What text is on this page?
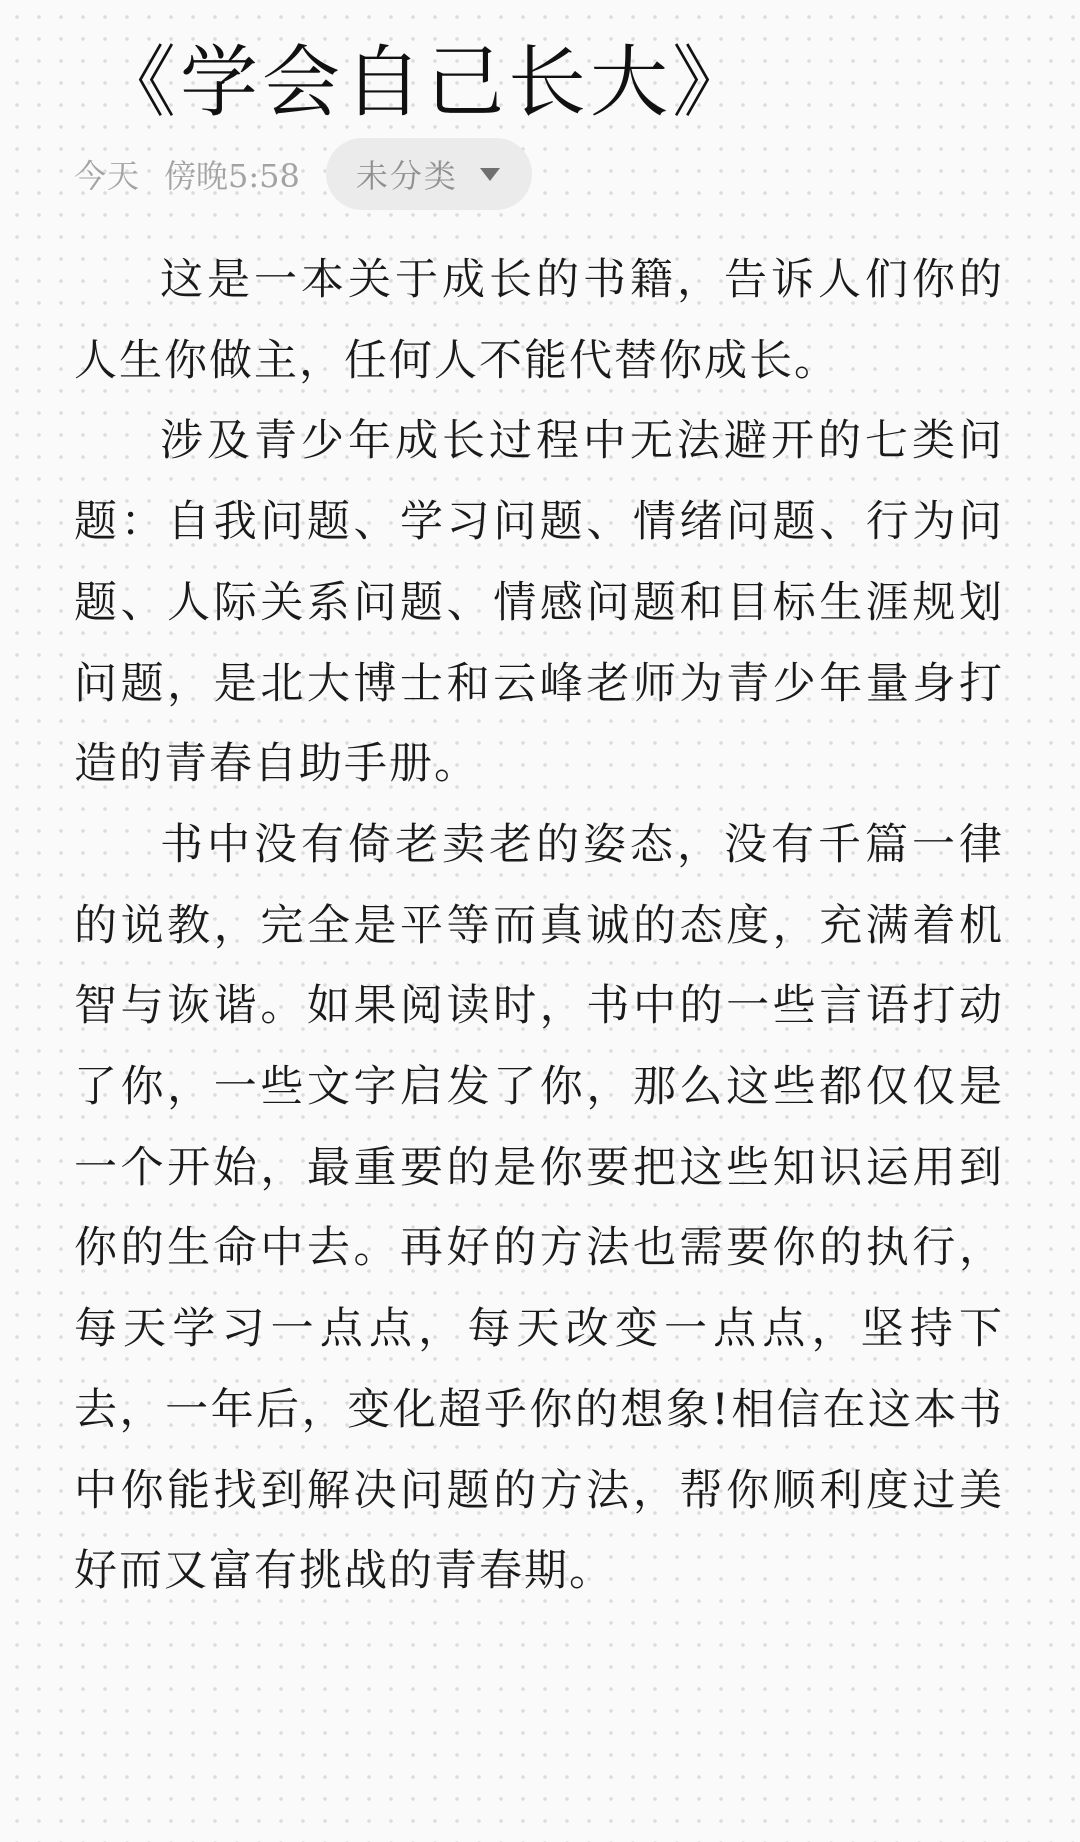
《学会自己长大》
今天 傍晚5:58 未分类

这是一本关于成长的书籍，告诉人们你的人生你做主，任何人不能代替你成长。

涉及青少年成长过程中无法避开的七类问题：自我问题、学习问题、情绪问题、行为问题、人际关系问题、情感问题和目标生涯规划问题，是北大博士和云峰老师为青少年量身打造的青春自助手册。

书中没有倚老卖老的姿态，没有千篇一律的说教，完全是平等而真诚的态度，充满着机智与诙谐。如果阅读时，书中的一些言语打动了你，一些文字启发了你，那么这些都仅仅是一个开始，最重要的是你要把这些知识运用到你的生命中去。再好的方法也需要你的执行，每天学习一点点，每天改变一点点，坚持下去，一年后，变化超乎你的想象!相信在这本书中你能找到解决问题的方法，帮你顺利度过美好而又富有挑战的青春期。
